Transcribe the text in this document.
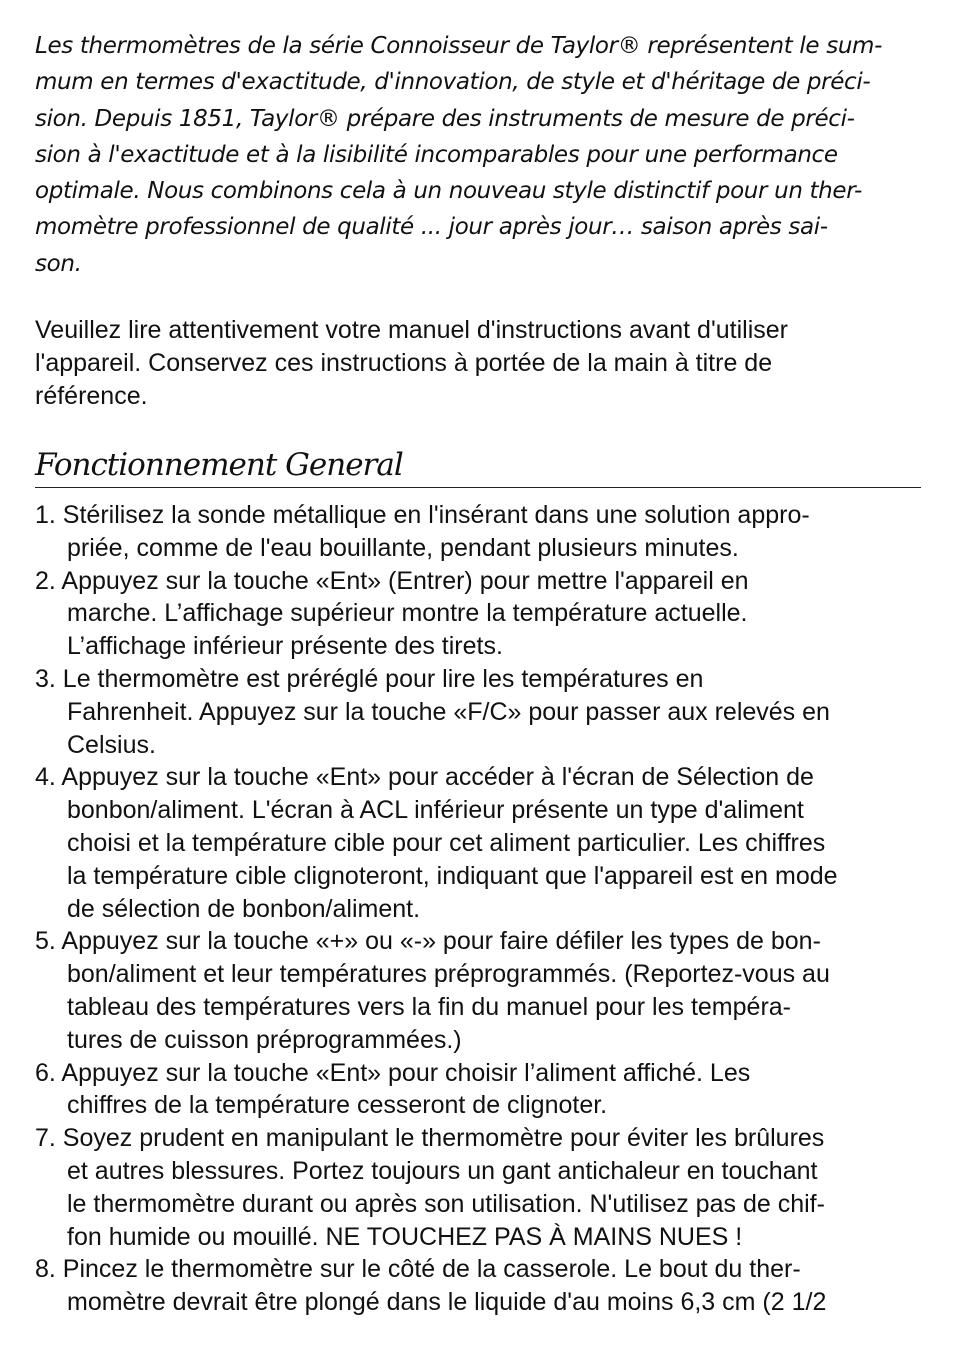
Les thermomètres de la série Connoisseur de Taylor® représentent le sum-
mum en termes d'exactitude, d'innovation, de style et d'héritage de préci-
sion. Depuis 1851, Taylor® prépare des instruments de mesure de préci-
sion à l'exactitude et à la lisibilité incomparables pour une performance
optimale. Nous combinons cela à un nouveau style distinctif pour un ther-
momètre professionnel de qualité ... jour après jour… saison après sai-
son.

Veuillez lire attentivement votre manuel d'instructions avant d'utiliser
l'appareil. Conservez ces instructions à portée de la main à titre de
référence.

Fonctionnement General
1. Stérilisez la sonde métallique en l'insérant dans une solution appro-
priée, comme de l'eau bouillante, pendant plusieurs minutes.
2. Appuyez sur la touche «Ent» (Entrer) pour mettre l'appareil en
marche. L’affichage supérieur montre la température actuelle.
L’affichage inférieur présente des tirets.
3. Le thermomètre est préréglé pour lire les températures en
Fahrenheit. Appuyez sur la touche «F/C» pour passer aux relevés en
Celsius.
4. Appuyez sur la touche «Ent» pour accéder à l'écran de Sélection de
bonbon/aliment. L'écran à ACL inférieur présente un type d'aliment
choisi et la température cible pour cet aliment particulier. Les chiffres
la température cible clignoteront, indiquant que l'appareil est en mode
de sélection de bonbon/aliment.
5. Appuyez sur la touche «+» ou «-» pour faire défiler les types de bon-
bon/aliment et leur températures préprogrammés. (Reportez-vous au
tableau des températures vers la fin du manuel pour les tempéra-
tures de cuisson préprogrammées.)
6. Appuyez sur la touche «Ent» pour choisir l’aliment affiché. Les
chiffres de la température cesseront de clignoter.
7. Soyez prudent en manipulant le thermomètre pour éviter les brûlures
et autres blessures. Portez toujours un gant antichaleur en touchant
le thermomètre durant ou après son utilisation. N'utilisez pas de chif-
fon humide ou mouillé. NE TOUCHEZ PAS À MAINS NUES !
8. Pincez le thermomètre sur le côté de la casserole. Le bout du ther-
momètre devrait être plongé dans le liquide d'au moins 6,3 cm (2 1/2
